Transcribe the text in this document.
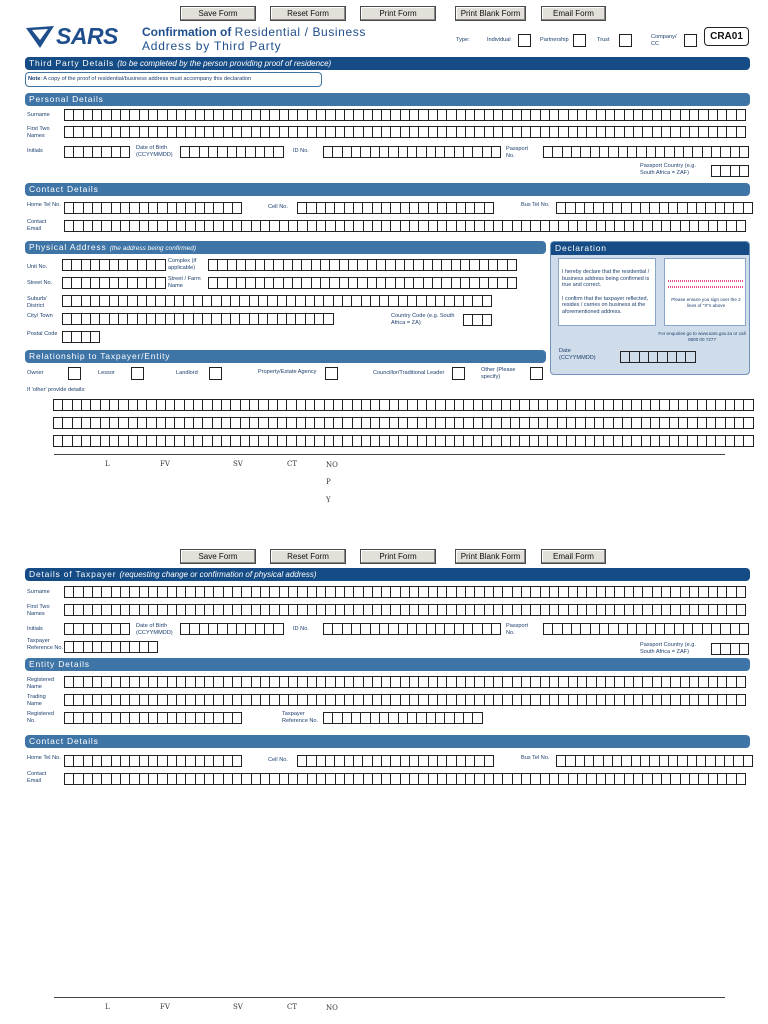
Save Form	Reset Form	Print Form	Print Blank Form	Email Form
SARS Confirmation of Residential / Business
Address by Third Party	Type:	Individual	Partnership	Trust	Company/ CC
CRA01
Third Party Details (to be completed by the person providing proof of residence)
Note: A copy of the proof of residential/business address must accompany this declaration
Personal Details
Surname
First Two Names
Initials	Date of Birth (CCYYMMDD)
ID No.	Passport No.
Passport Country (e.g. South Africa = ZAF)
Contact Details
Home Tel No.	Cell No.	Bus Tel No.
Contact Email
Physical Address (the address being confirmed)
Unit No.
Complex (if applicable)
Street No.
Street / Farm Name
Suburb/ District
City/ Town	Country Code (e.g. South Africa = ZA)
Postal Code
Declaration
I hereby declare that the residential / business address being confirmed is true and correct.
I confirm that the taxpayer reflected, resides / carries on business at the aforementioned address.
Please ensure you sign over the 2 lines of "X"s above
For enquiries go to www.sars.gov.za or call 0800 00 7277
Date (CCYYMMDD)
Relationship to Taxpayer/Entity
Owner	Lessor	Landlord	Property/Estate Agency	Councillor/Traditional Leader	Other (Please specify)
If 'other' provide details:
L	FV	SV	CT	NO
P
Y
Save Form	Reset Form	Print Form	Print Blank Form	Email Form
Details of Taxpayer (requesting change or confirmation of physical address)
Surname
First Two Names
Initials	Date of Birth (CCYYMMDD)
ID No.	Passport No.
Taxpayer Reference No.	Passport Country (e.g. South Africa = ZAF)
Entity Details
Registered Name
Trading Name
Registered No.
Taxpayer Reference No.
Contact Details
Home Tel No.	Cell No.	Bus Tel No.
Contact Email
L	FV	SV	CT	NO
